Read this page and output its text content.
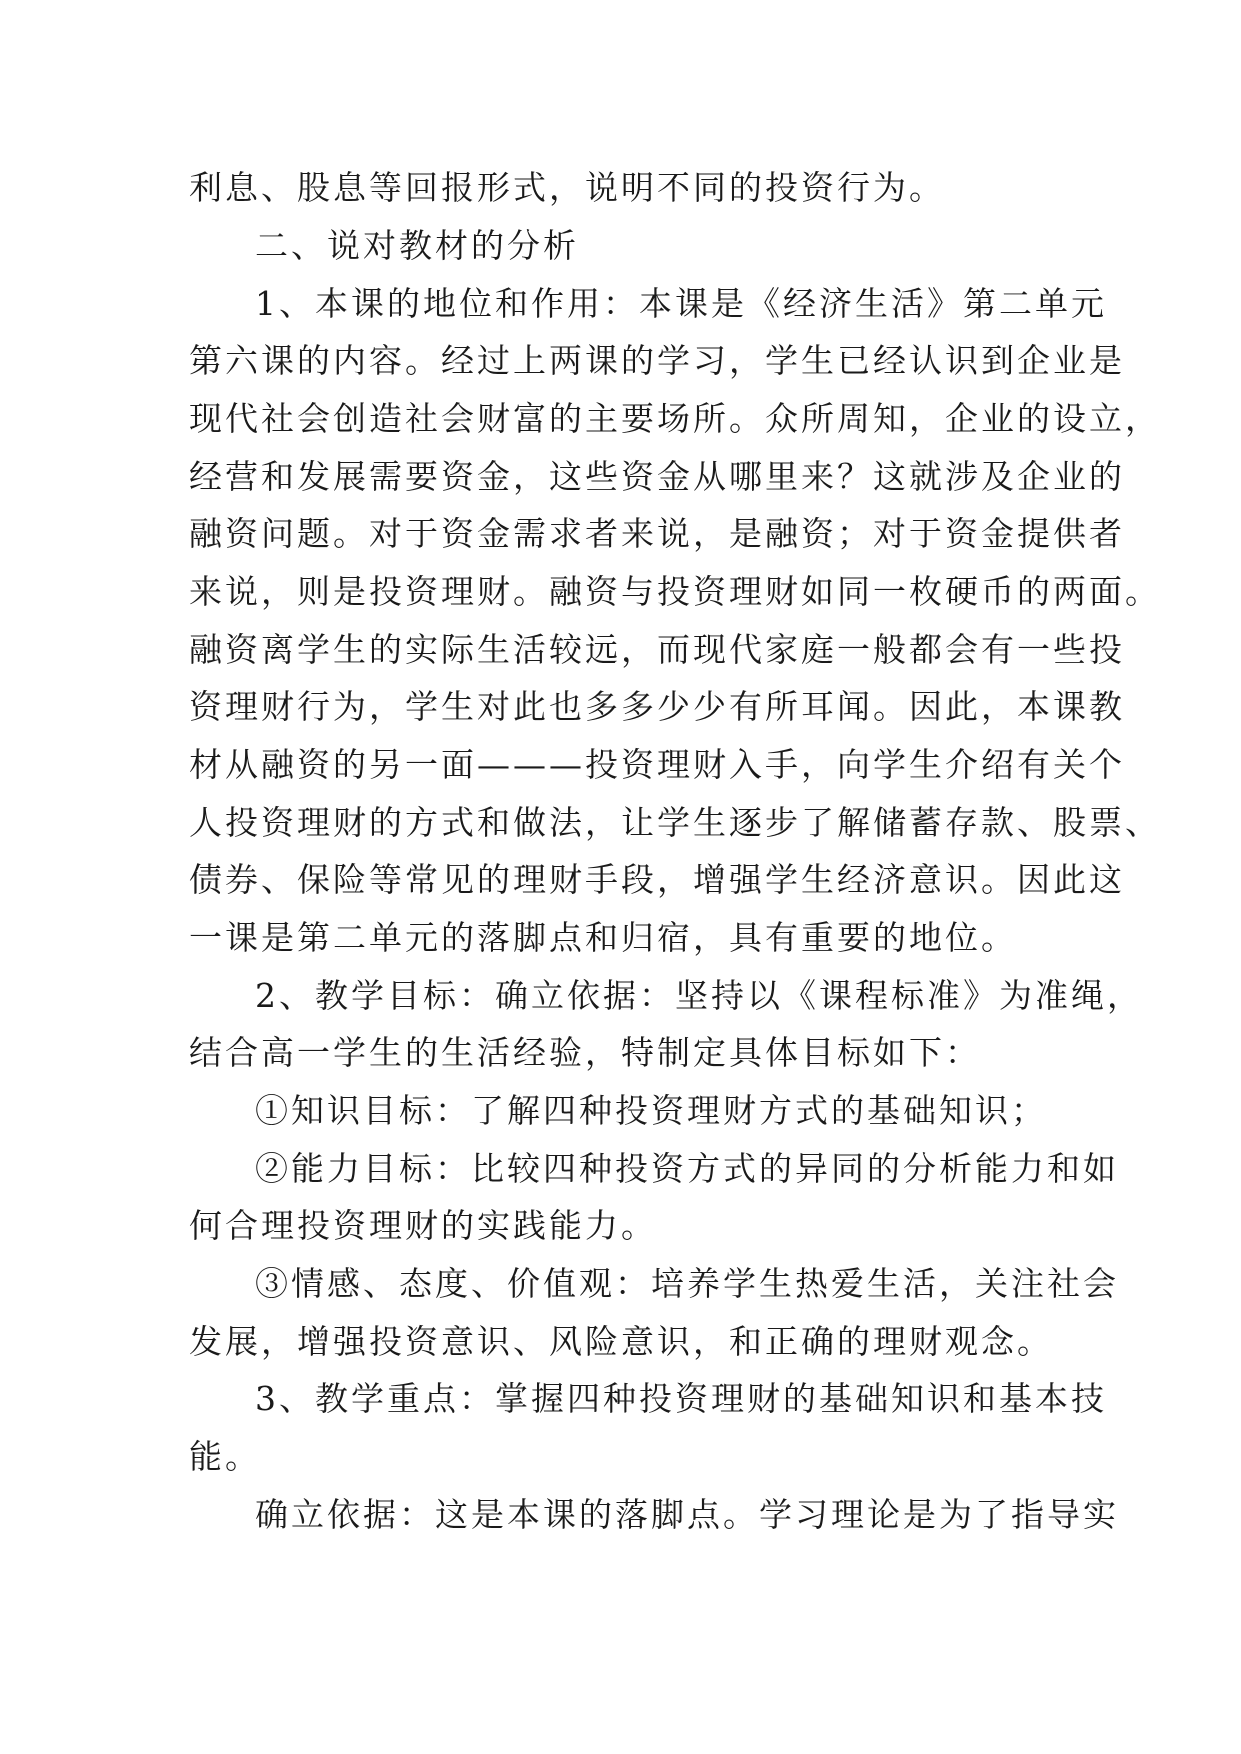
利息、股息等回报形式，说明不同的投资行为。
二、说对教材的分析
1、本课的地位和作用：本课是《经济生活》第二单元
第六课的内容。经过上两课的学习，学生已经认识到企业是
现代社会创造社会财富的主要场所。众所周知，企业的设立，
经营和发展需要资金，这些资金从哪里来？这就涉及企业的
融资问题。对于资金需求者来说，是融资；对于资金提供者
来说，则是投资理财。融资与投资理财如同一枚硬币的两面。
融资离学生的实际生活较远，而现代家庭一般都会有一些投
资理财行为，学生对此也多多少少有所耳闻。因此，本课教
材从融资的另一面———投资理财入手，向学生介绍有关个
人投资理财的方式和做法，让学生逐步了解储蓄存款、股票、
债券、保险等常见的理财手段，增强学生经济意识。因此这
一课是第二单元的落脚点和归宿，具有重要的地位。
2、教学目标：确立依据：坚持以《课程标准》为准绳，
结合高一学生的生活经验，特制定具体目标如下：
①知识目标：了解四种投资理财方式的基础知识；
②能力目标：比较四种投资方式的异同的分析能力和如
何合理投资理财的实践能力。
③情感、态度、价值观：培养学生热爱生活，关注社会
发展，增强投资意识、风险意识，和正确的理财观念。
3、教学重点：掌握四种投资理财的基础知识和基本技
能。
确立依据：这是本课的落脚点。学习理论是为了指导实
